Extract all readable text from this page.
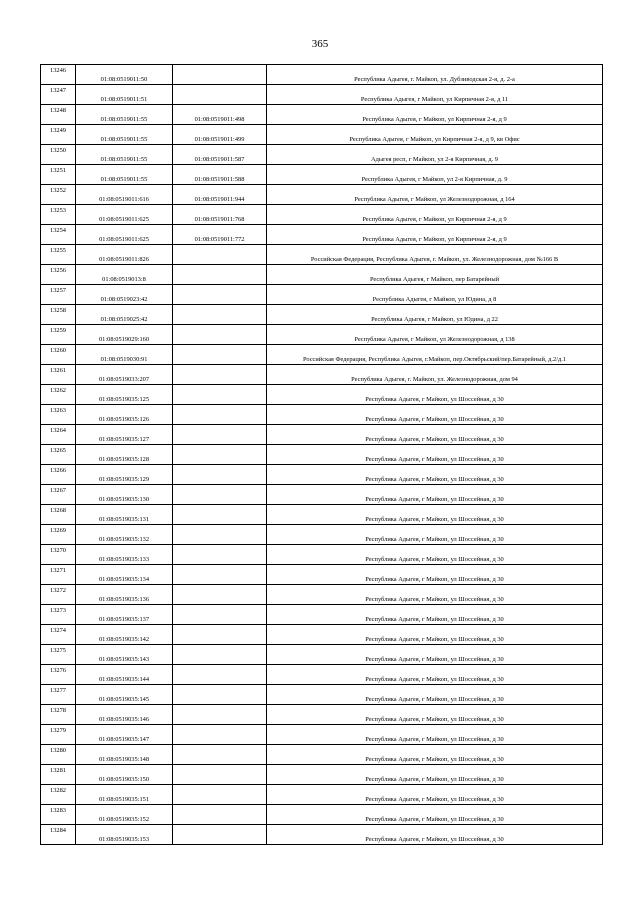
365
13246	01:08:0519011:50		Республика Адыгея, г. Майкоп, ул. Дубзиводская 2-я, д. 2-а

13247	01:08:0519011:51		Республика Адыгея, г Майкоп, ул Кирпичная 2-я, д 11

13248	01:08:0519011:55	01:08:0519011:498	Республика Адыгея, г Майкоп, ул Кирпичная 2-я, д 9

13249	01:08:0519011:55	01:08:0519011:499	Республика Адыгея, г Майкоп, ул Кирпичная 2-я, д 9, кв Офис

13250	01:08:0519011:55	01:08:0519011:587	Адыгея респ, г Майкоп, ул 2-я Кирпичная, д. 9

13251	01:08:0519011:55	01:08:0519011:588	Республика Адыгея, г Майкоп, ул 2-я Кирпичная, д. 9

13252	01:08:0519011:616	01:08:0519011:944	Республика Адыгея, г Майкоп, ул Железнодорожная, д 164

13253	01:08:0519011:625	01:08:0519011:768	Республика Адыгея, г Майкоп, ул Кирпичная 2-я, д 9

13254	01:08:0519011:625	01:08:0519011:772	Республика Адыгея, г Майкоп, ул Кирпичная 2-я, д 9

13255	01:08:0519011:826		Российская Федерация, Республика Адыгея, г. Майкоп, ул. Железнодорожная, дом №166 В

13256	01:08:0519013:8		Республика Адыгея, г Майкоп, пер Батарейный

13257	01:08:0519023:42		Республика Адыгея, г Майкоп, ул Юдина, д 8

13258	01:08:0519025:42		Республика Адыгея, г Майкоп, ул Юдина, д 22

13259	01:08:0519029:160		Республика Адыгея, г Майкоп, ул Железнодорожная, д 138

13260	01:08:0519030:91		Российская Федерация, Республика Адыгея, г.Майкоп, пер.Октябрьский/пер.Батарейный, д.2/д.1

13261	01:08:0519033:207		Республика Адыгея, г. Майкоп, ул. Железнодорожная, дом 94

13262	01:08:0519035:125		Республика Адыгея, г Майкоп, ул Шоссейная, д 30

13263	01:08:0519035:126		Республика Адыгея, г Майкоп, ул Шоссейная, д 30

13264	01:08:0519035:127		Республика Адыгея, г Майкоп, ул Шоссейная, д 30

13265	01:08:0519035:128		Республика Адыгея, г Майкоп, ул Шоссейная, д 30

13266	01:08:0519035:129		Республика Адыгея, г Майкоп, ул Шоссейная, д 30

13267	01:08:0519035:130		Республика Адыгея, г Майкоп, ул Шоссейная, д 30

13268	01:08:0519035:131		Республика Адыгея, г Майкоп, ул Шоссейная, д 30

13269	01:08:0519035:132		Республика Адыгея, г Майкоп, ул Шоссейная, д 30

13270	01:08:0519035:133		Республика Адыгея, г Майкоп, ул Шоссейная, д 30

13271	01:08:0519035:134		Республика Адыгея, г Майкоп, ул Шоссейная, д 30

13272	01:08:0519035:136		Республика Адыгея, г Майкоп, ул Шоссейная, д 30

13273	01:08:0519035:137		Республика Адыгея, г Майкоп, ул Шоссейная, д 30

13274	01:08:0519035:142		Республика Адыгея, г Майкоп, ул Шоссейная, д 30

13275	01:08:0519035:143		Республика Адыгея, г Майкоп, ул Шоссейная, д 30

13276	01:08:0519035:144		Республика Адыгея, г Майкоп, ул Шоссейная, д 30

13277	01:08:0519035:145		Республика Адыгея, г Майкоп, ул Шоссейная, д 30

13278	01:08:0519035:146		Республика Адыгея, г Майкоп, ул Шоссейная, д 30

13279	01:08:0519035:147		Республика Адыгея, г Майкоп, ул Шоссейная, д 30

13280	01:08:0519035:148		Республика Адыгея, г Майкоп, ул Шоссейная, д 30

13281	01:08:0519035:150		Республика Адыгея, г Майкоп, ул Шоссейная, д 30

13282	01:08:0519035:151		Республика Адыгея, г Майкоп, ул Шоссейная, д 30

13283	01:08:0519035:152		Республика Адыгея, г Майкоп, ул Шоссейная, д 30

13284	01:08:0519035:153		Республика Адыгея, г Майкоп, ул Шоссейная, д 30
